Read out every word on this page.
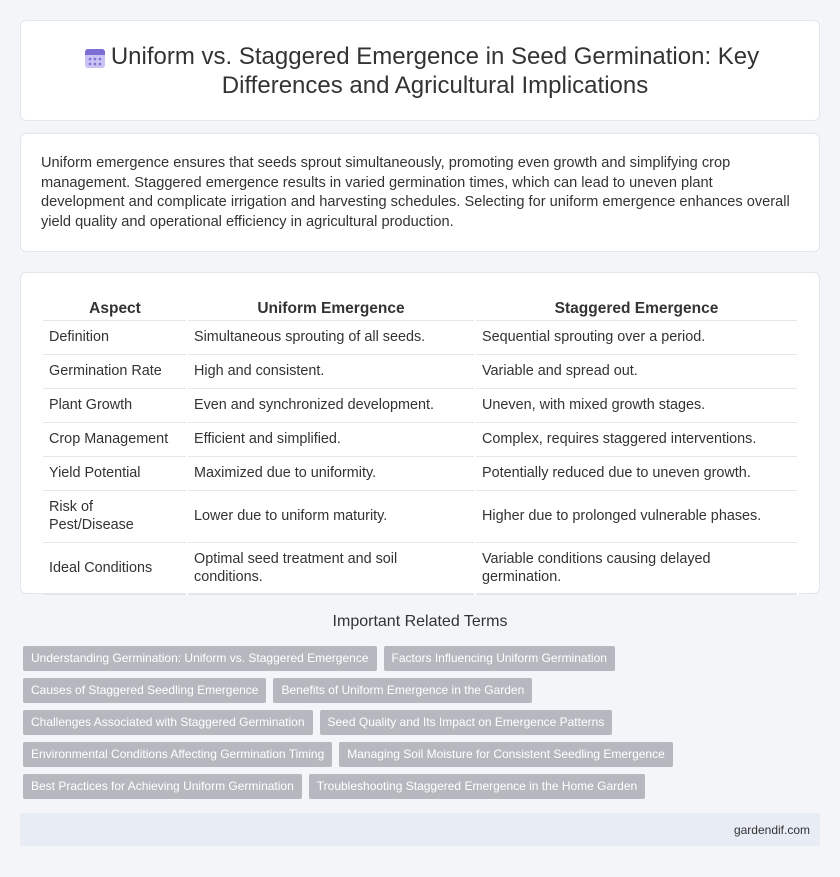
Uniform vs. Staggered Emergence in Seed Germination: Key Differences and Agricultural Implications

Uniform emergence ensures that seeds sprout simultaneously, promoting even growth and simplifying crop management. Staggered emergence results in varied germination times, which can lead to uneven plant development and complicate irrigation and harvesting schedules. Selecting for uniform emergence enhances overall yield quality and operational efficiency in agricultural production.

Aspect	Uniform Emergence	Staggered Emergence
Definition	Simultaneous sprouting of all seeds.	Sequential sprouting over a period.
Germination Rate	High and consistent.	Variable and spread out.
Plant Growth	Even and synchronized development.	Uneven, with mixed growth stages.
Crop Management	Efficient and simplified.	Complex, requires staggered interventions.
Yield Potential	Maximized due to uniformity.	Potentially reduced due to uneven growth.
Risk of Pest/Disease	Lower due to uniform maturity.	Higher due to prolonged vulnerable phases.
Ideal Conditions	Optimal seed treatment and soil conditions.	Variable conditions causing delayed germination.
Important Related Terms
Understanding Germination: Uniform vs. Staggered Emergence	Factors Influencing Uniform Germination
Causes of Staggered Seedling Emergence	Benefits of Uniform Emergence in the Garden
Challenges Associated with Staggered Germination	Seed Quality and Its Impact on Emergence Patterns
Environmental Conditions Affecting Germination Timing	Managing Soil Moisture for Consistent Seedling Emergence
Best Practices for Achieving Uniform Germination	Troubleshooting Staggered Emergence in the Home Garden
gardendif.com
